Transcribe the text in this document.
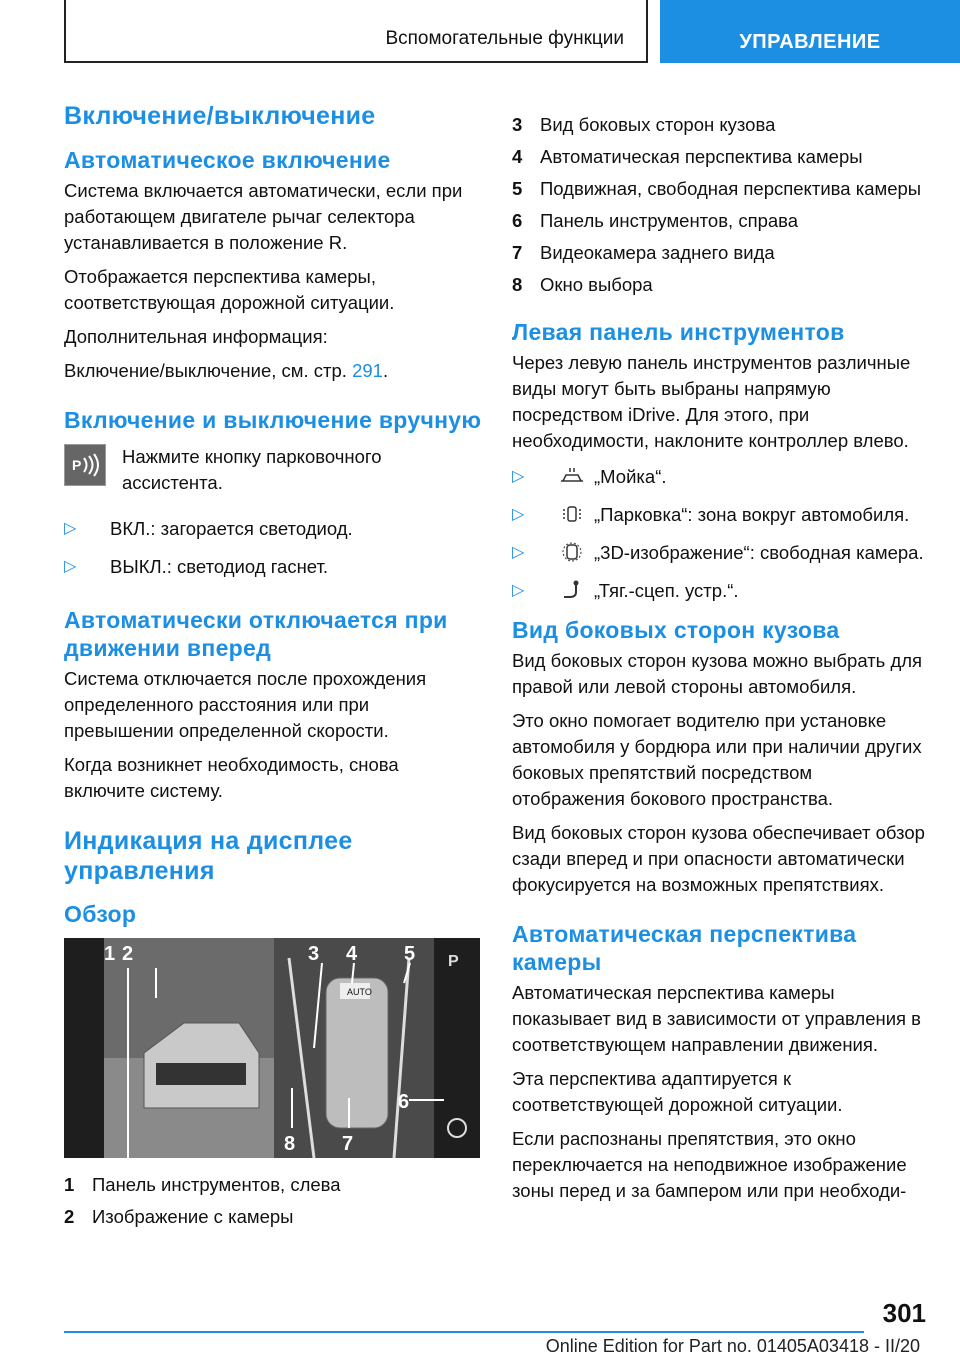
Вспомогательные функции	УПРАВЛЕНИЕ
Включение/выключение
Автоматическое включение

Система включается автоматически, если при работающем двигателе рычаг селектора устанавливается в положение R.

Отображается перспектива камеры, соответствующая дорожной ситуации.

Дополнительная информация:

Включение/выключение, см. стр. 291.

Включение и выключение вручную
P Нажмите кнопку парковочного ассистента.

▷ ВКЛ.: загорается светодиод.
▷ ВЫКЛ.: светодиод гаснет.
Автоматически отключается при движении вперед

Система отключается после прохождения определенного расстояния или при превышении определенной скорости.

Когда возникнет необходимость, снова включите систему.

Индикация на дисплее управления
Обзор
AUTO
P
1 2	3 4 5
6
7
8
1 Панель инструментов, слева
2 Изображение с камеры
3 Вид боковых сторон кузова
4 Автоматическая перспектива камеры
5 Подвижная, свободная перспектива камеры
6 Панель инструментов, справа
7 Видеокамера заднего вида
8 Окно выбора
Левая панель инструментов

Через левую панель инструментов различные виды могут быть выбраны напрямую посредством iDrive. Для этого, при необходимости, наклоните контроллер влево.

▷	„Мойка“.
▷	„Парковка“: зона вокруг автомобиля.
▷	„3D-изображение“: свободная камера.
▷	„Тяг.-сцеп. устр.“.
Вид боковых сторон кузова

Вид боковых сторон кузова можно выбрать для правой или левой стороны автомобиля.

Это окно помогает водителю при установке автомобиля у бордюра или при наличии других боковых препятствий посредством отображения бокового пространства.

Вид боковых сторон кузова обеспечивает обзор сзади вперед и при опасности автоматически фокусируется на возможных препятствиях.

Автоматическая перспектива камеры

Автоматическая перспектива камеры показывает вид в зависимости от управления в соответствующем направлении движения.

Эта перспектива адаптируется к соответствующей дорожной ситуации.

Если распознаны препятствия, это окно переключается на неподвижное изображение зоны перед и за бампером или при необходи-

301
Online Edition for Part no. 01405A03418 - II/20
